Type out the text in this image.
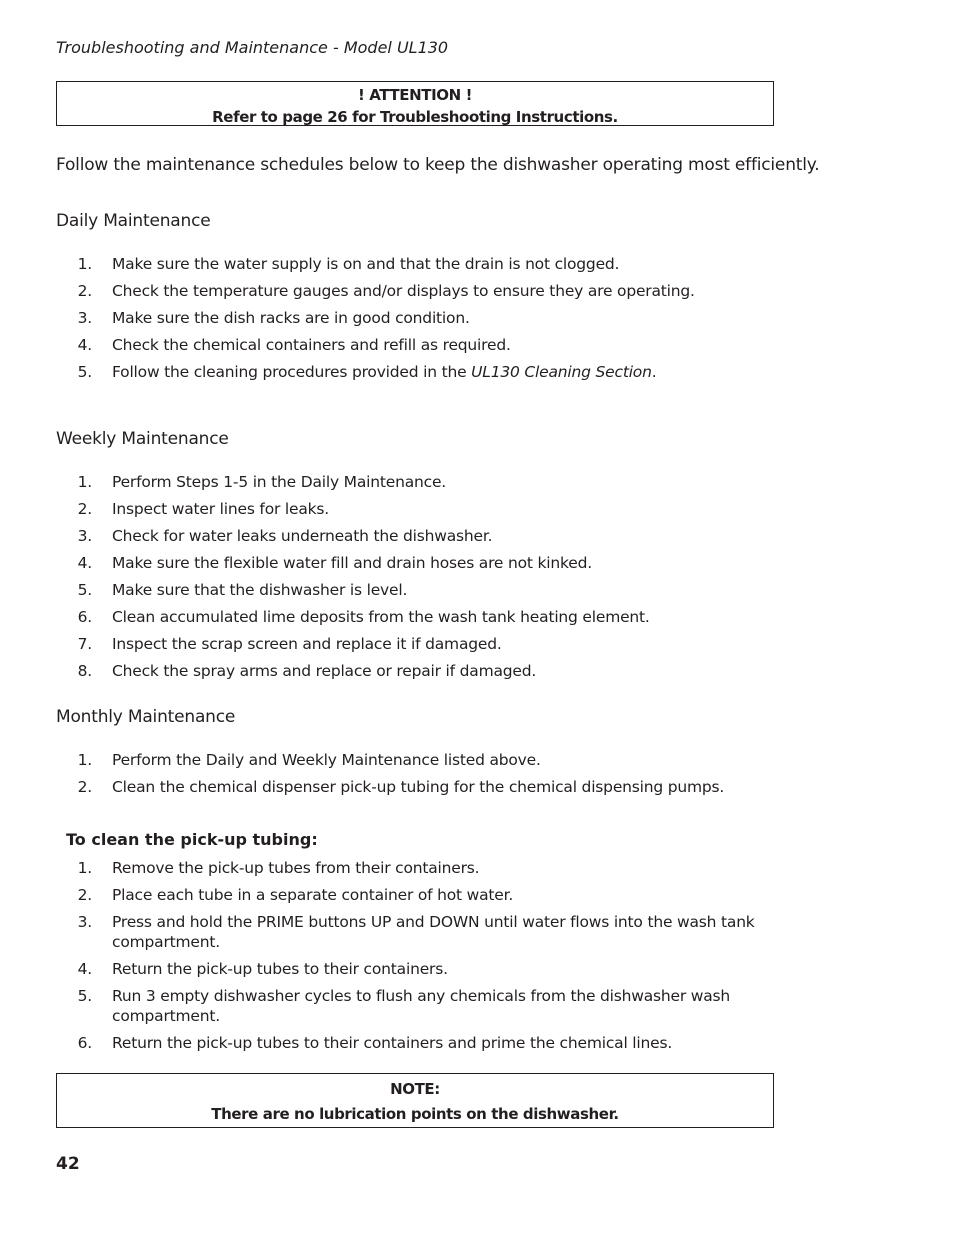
Troubleshooting and Maintenance - Model UL130
! ATTENTION !
Refer to page 26 for Troubleshooting Instructions.
Follow the maintenance schedules below to keep the dishwasher operating most efficiently.
Daily Maintenance
1. Make sure the water supply is on and that the drain is not clogged.
2. Check the temperature gauges and/or displays to ensure they are operating.
3. Make sure the dish racks are in good condition.
4. Check the chemical containers and refill as required.
5. Follow the cleaning procedures provided in the UL130 Cleaning Section.
Weekly Maintenance
1. Perform Steps 1-5 in the Daily Maintenance.
2. Inspect water lines for leaks.
3. Check for water leaks underneath the dishwasher.
4. Make sure the flexible water fill and drain hoses are not kinked.
5. Make sure that the dishwasher is level.
6. Clean accumulated lime deposits from the wash tank heating element.
7. Inspect the scrap screen and replace it if damaged.
8. Check the spray arms and replace or repair if damaged.
Monthly Maintenance
1. Perform the Daily and Weekly Maintenance listed above.
2. Clean the chemical dispenser pick-up tubing for the chemical dispensing pumps.
To clean the pick-up tubing:
1. Remove the pick-up tubes from their containers.
2. Place each tube in a separate container of hot water.
3. Press and hold the PRIME buttons UP and DOWN until water flows into the wash tank compartment.
4. Return the pick-up tubes to their containers.
5. Run 3 empty dishwasher cycles to flush any chemicals from the dishwasher wash compartment.
6. Return the pick-up tubes to their containers and prime the chemical lines.
NOTE:
There are no lubrication points on the dishwasher.
42
